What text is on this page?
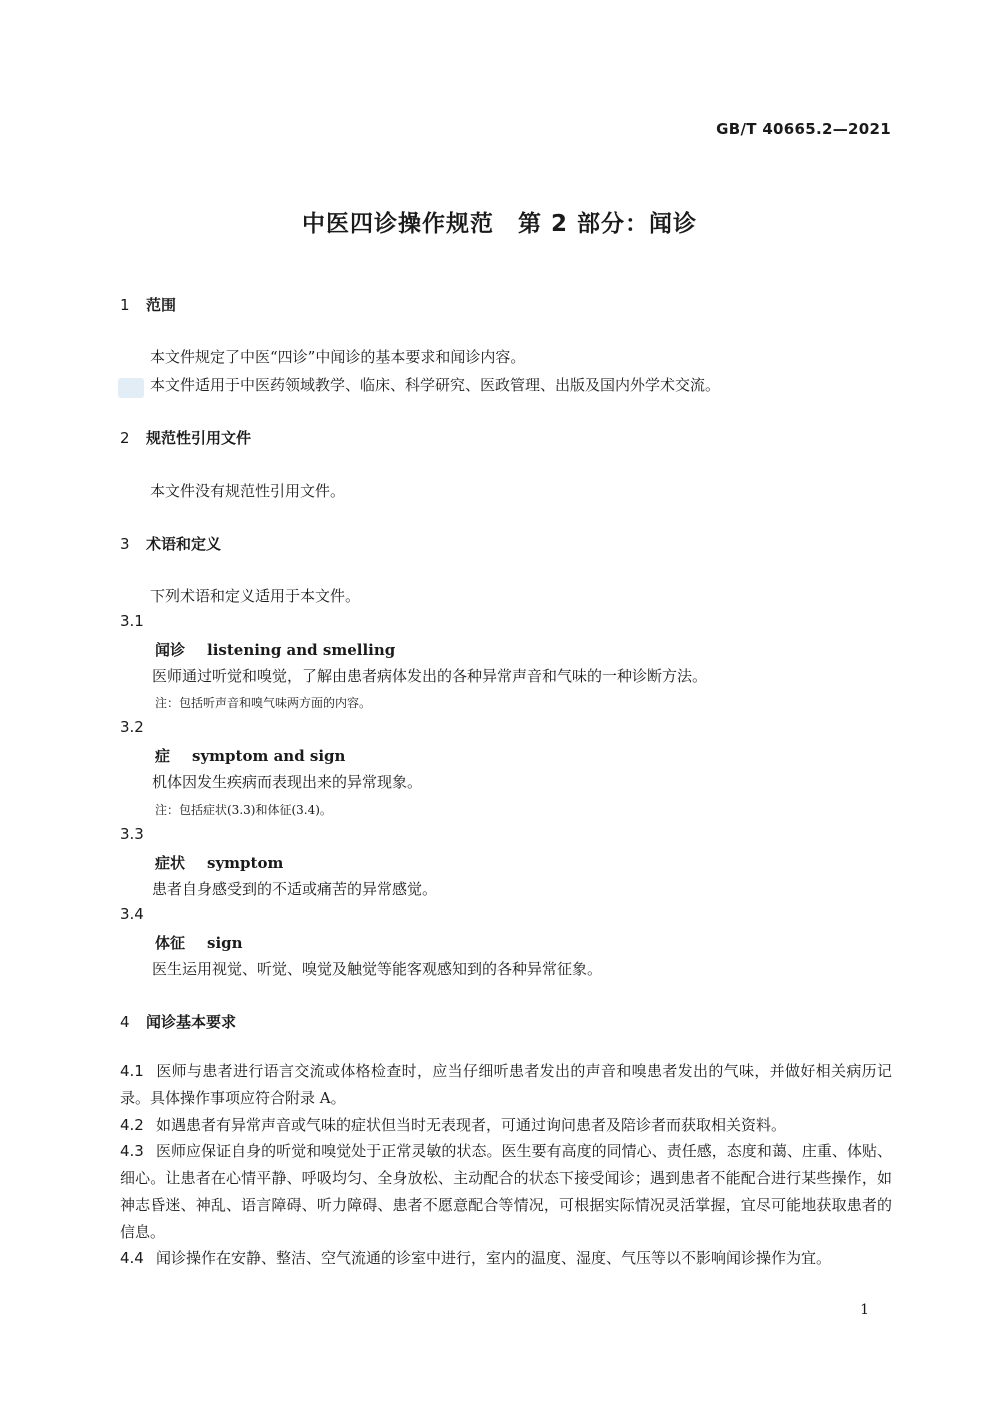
GB/T 40665.2—2021
中医四诊操作规范　第 2 部分：闻诊
1 范围
本文件规定了中医“四诊”中闻诊的基本要求和闻诊内容。
本文件适用于中医药领域教学、临床、科学研究、医政管理、出版及国内外学术交流。
2 规范性引用文件
本文件没有规范性引用文件。
3 术语和定义
下列术语和定义适用于本文件。
3.1
闻诊 listening and smelling
医师通过听觉和嗅觉，了解由患者病体发出的各种异常声音和气味的一种诊断方法。
注：包括听声音和嗅气味两方面的内容。
3.2
症 symptom and sign
机体因发生疾病而表现出来的异常现象。
注：包括症状(3.3)和体征(3.4)。
3.3
症状 symptom
患者自身感受到的不适或痛苦的异常感觉。
3.4
体征 sign
医生运用视觉、听觉、嗅觉及触觉等能客观感知到的各种异常征象。
4 闻诊基本要求
4.1 医师与患者进行语言交流或体格检查时，应当仔细听患者发出的声音和嗅患者发出的气味，并做好相关病历记录。具体操作事项应符合附录 A。
4.2 如遇患者有异常声音或气味的症状但当时无表现者，可通过询问患者及陪诊者而获取相关资料。
4.3 医师应保证自身的听觉和嗅觉处于正常灵敏的状态。医生要有高度的同情心、责任感，态度和蔼、庄重、体贴、细心。让患者在心情平静、呼吸均匀、全身放松、主动配合的状态下接受闻诊；遇到患者不能配合进行某些操作，如神志昏迷、神乱、语言障碍、听力障碍、患者不愿意配合等情况，可根据实际情况灵活掌握，宜尽可能地获取患者的信息。
4.4 闻诊操作在安静、整洁、空气流通的诊室中进行，室内的温度、湿度、气压等以不影响闻诊操作为宜。
1
